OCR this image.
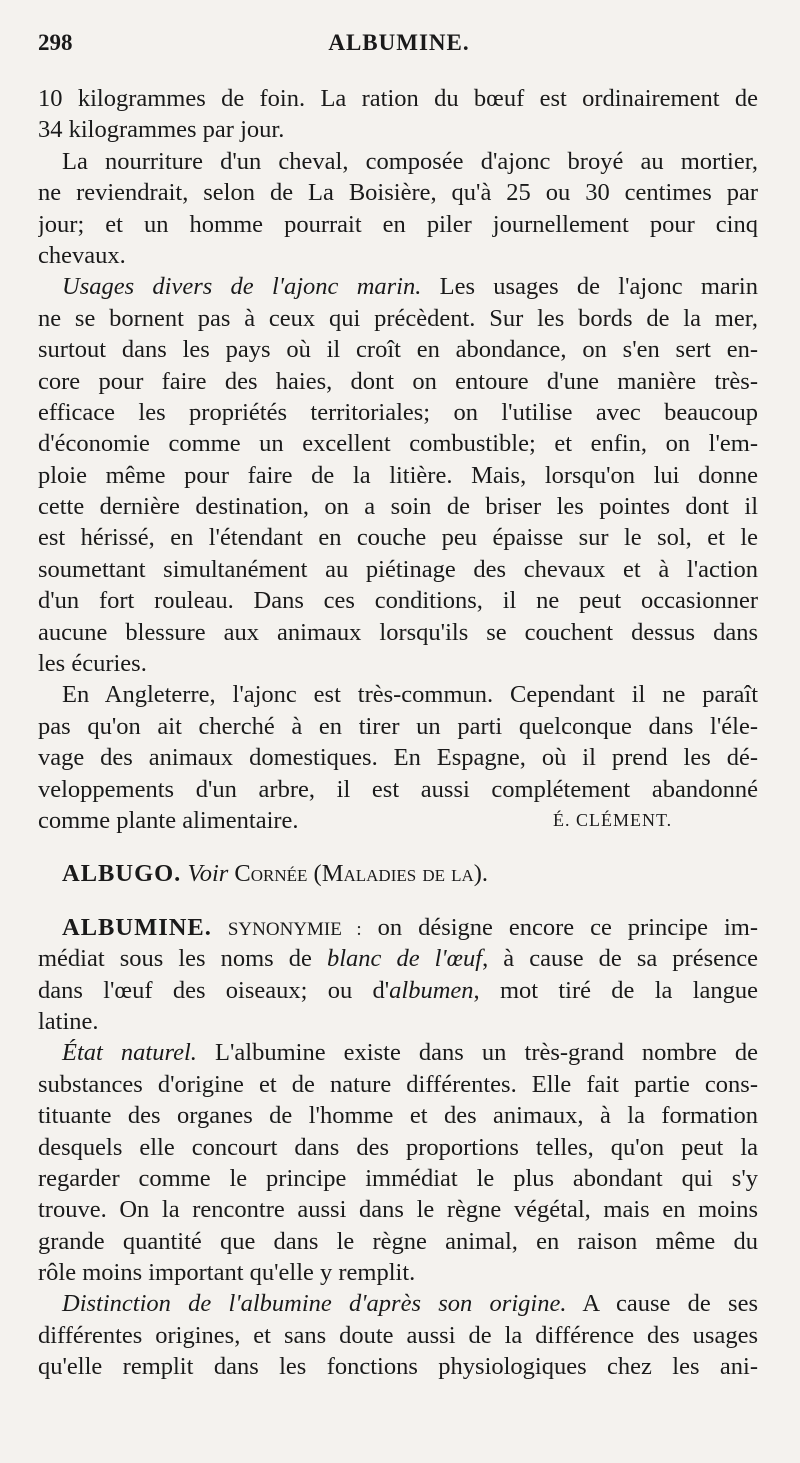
298	ALBUMINE.
10 kilogrammes de foin. La ration du bœuf est ordinairement de
34 kilogrammes par jour.
La nourriture d'un cheval, composée d'ajonc broyé au mortier,
ne reviendrait, selon de La Boisière, qu'à 25 ou 30 centimes par
jour; et un homme pourrait en piler journellement pour cinq
chevaux.
Usages divers de l'ajonc marin. Les usages de l'ajonc marin
ne se bornent pas à ceux qui précèdent. Sur les bords de la mer,
surtout dans les pays où il croît en abondance, on s'en sert en-
core pour faire des haies, dont on entoure d'une manière très-
efficace les propriétés territoriales; on l'utilise avec beaucoup
d'économie comme un excellent combustible; et enfin, on l'em-
ploie même pour faire de la litière. Mais, lorsqu'on lui donne
cette dernière destination, on a soin de briser les pointes dont il
est hérissé, en l'étendant en couche peu épaisse sur le sol, et le
soumettant simultanément au piétinage des chevaux et à l'action
d'un fort rouleau. Dans ces conditions, il ne peut occasionner
aucune blessure aux animaux lorsqu'ils se couchent dessus dans
les écuries.
En Angleterre, l'ajonc est très-commun. Cependant il ne paraît
pas qu'on ait cherché à en tirer un parti quelconque dans l'éle-
vage des animaux domestiques. En Espagne, où il prend les dé-
veloppements d'un arbre, il est aussi complétement abandonné
comme plante alimentaire.	É. CLÉMENT.
ALBUGO. Voir Cornée (Maladies de la).
ALBUMINE. SYNONYMIE : on désigne encore ce principe im-
médiat sous les noms de blanc de l'œuf, à cause de sa présence
dans l'œuf des oiseaux; ou d'albumen, mot tiré de la langue
latine.
État naturel. L'albumine existe dans un très-grand nombre de
substances d'origine et de nature différentes. Elle fait partie cons-
tituante des organes de l'homme et des animaux, à la formation
desquels elle concourt dans des proportions telles, qu'on peut la
regarder comme le principe immédiat le plus abondant qui s'y
trouve. On la rencontre aussi dans le règne végétal, mais en moins
grande quantité que dans le règne animal, en raison même du
rôle moins important qu'elle y remplit.
Distinction de l'albumine d'après son origine. A cause de ses
différentes origines, et sans doute aussi de la différence des usages
qu'elle remplit dans les fonctions physiologiques chez les ani-
